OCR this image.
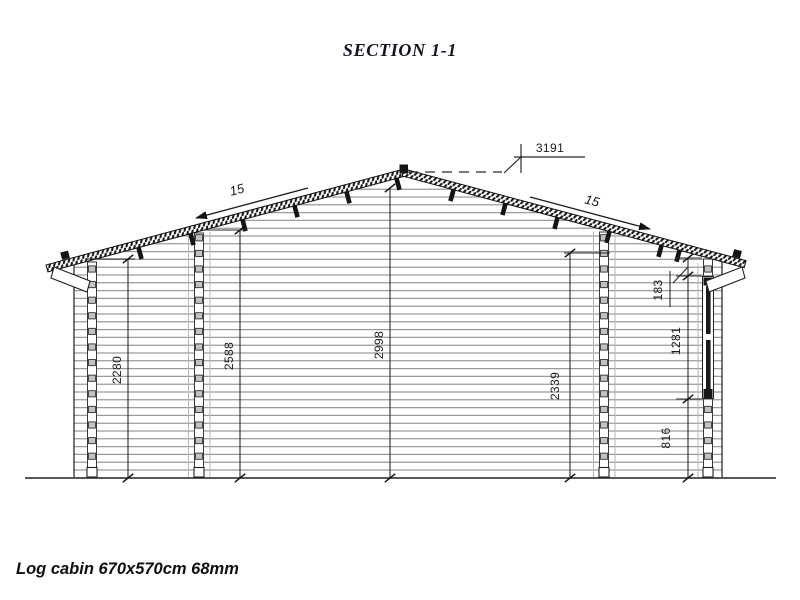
SECTION 1-1
2280	2588	2998
2339
183
1281
816
3191
15
15
Log cabin 670x570cm 68mm
